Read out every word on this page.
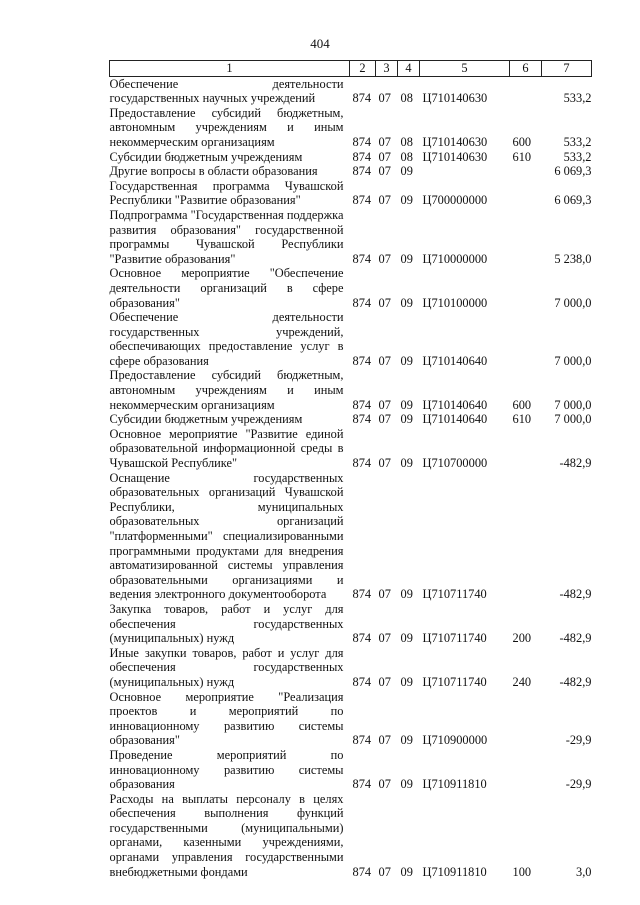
404
1	2	3	4	5	6	7
Обеспечение деятельности государственных научных учреждений	874	07	08	Ц710140630		533,2
Предоставление субсидий бюджетным, автономным учреждениям и иным некоммерческим организациям	874	07	08	Ц710140630	600	533,2
Субсидии бюджетным учреждениям	874	07	08	Ц710140630	610	533,2
Другие вопросы в области образования	874	07	09			6 069,3
Государственная программа Чувашской Республики "Развитие образования"	874	07	09	Ц700000000		6 069,3
Подпрограмма "Государственная поддержка развития образования" государственной программы Чувашской Республики "Развитие образования"	874	07	09	Ц710000000		5 238,0
Основное мероприятие "Обеспечение деятельности организаций в сфере образования"	874	07	09	Ц710100000		7 000,0
Обеспечение деятельности государственных учреждений, обеспечивающих предоставление услуг в сфере образования	874	07	09	Ц710140640		7 000,0
Предоставление субсидий бюджетным, автономным учреждениям и иным некоммерческим организациям	874	07	09	Ц710140640	600	7 000,0
Субсидии бюджетным учреждениям	874	07	09	Ц710140640	610	7 000,0
Основное мероприятие "Развитие единой образовательной информационной среды в Чувашской Республике"	874	07	09	Ц710700000		-482,9
Оснащение государственных образовательных организаций Чувашской Республики, муниципальных образовательных организаций "платформенными" специализированными программными продуктами для внедрения автоматизированной системы управления образовательными организациями и ведения электронного документооборота	874	07	09	Ц710711740		-482,9
Закупка товаров, работ и услуг для обеспечения государственных (муниципальных) нужд	874	07	09	Ц710711740	200	-482,9
Иные закупки товаров, работ и услуг для обеспечения государственных (муниципальных) нужд	874	07	09	Ц710711740	240	-482,9
Основное мероприятие "Реализация проектов и мероприятий по инновационному развитию системы образования"	874	07	09	Ц710900000		-29,9
Проведение мероприятий по инновационному развитию системы образования	874	07	09	Ц710911810		-29,9
Расходы на выплаты персоналу в целях обеспечения выполнения функций государственными (муниципальными) органами, казенными учреждениями, органами управления государственными внебюджетными фондами	874	07	09	Ц710911810	100	3,0
